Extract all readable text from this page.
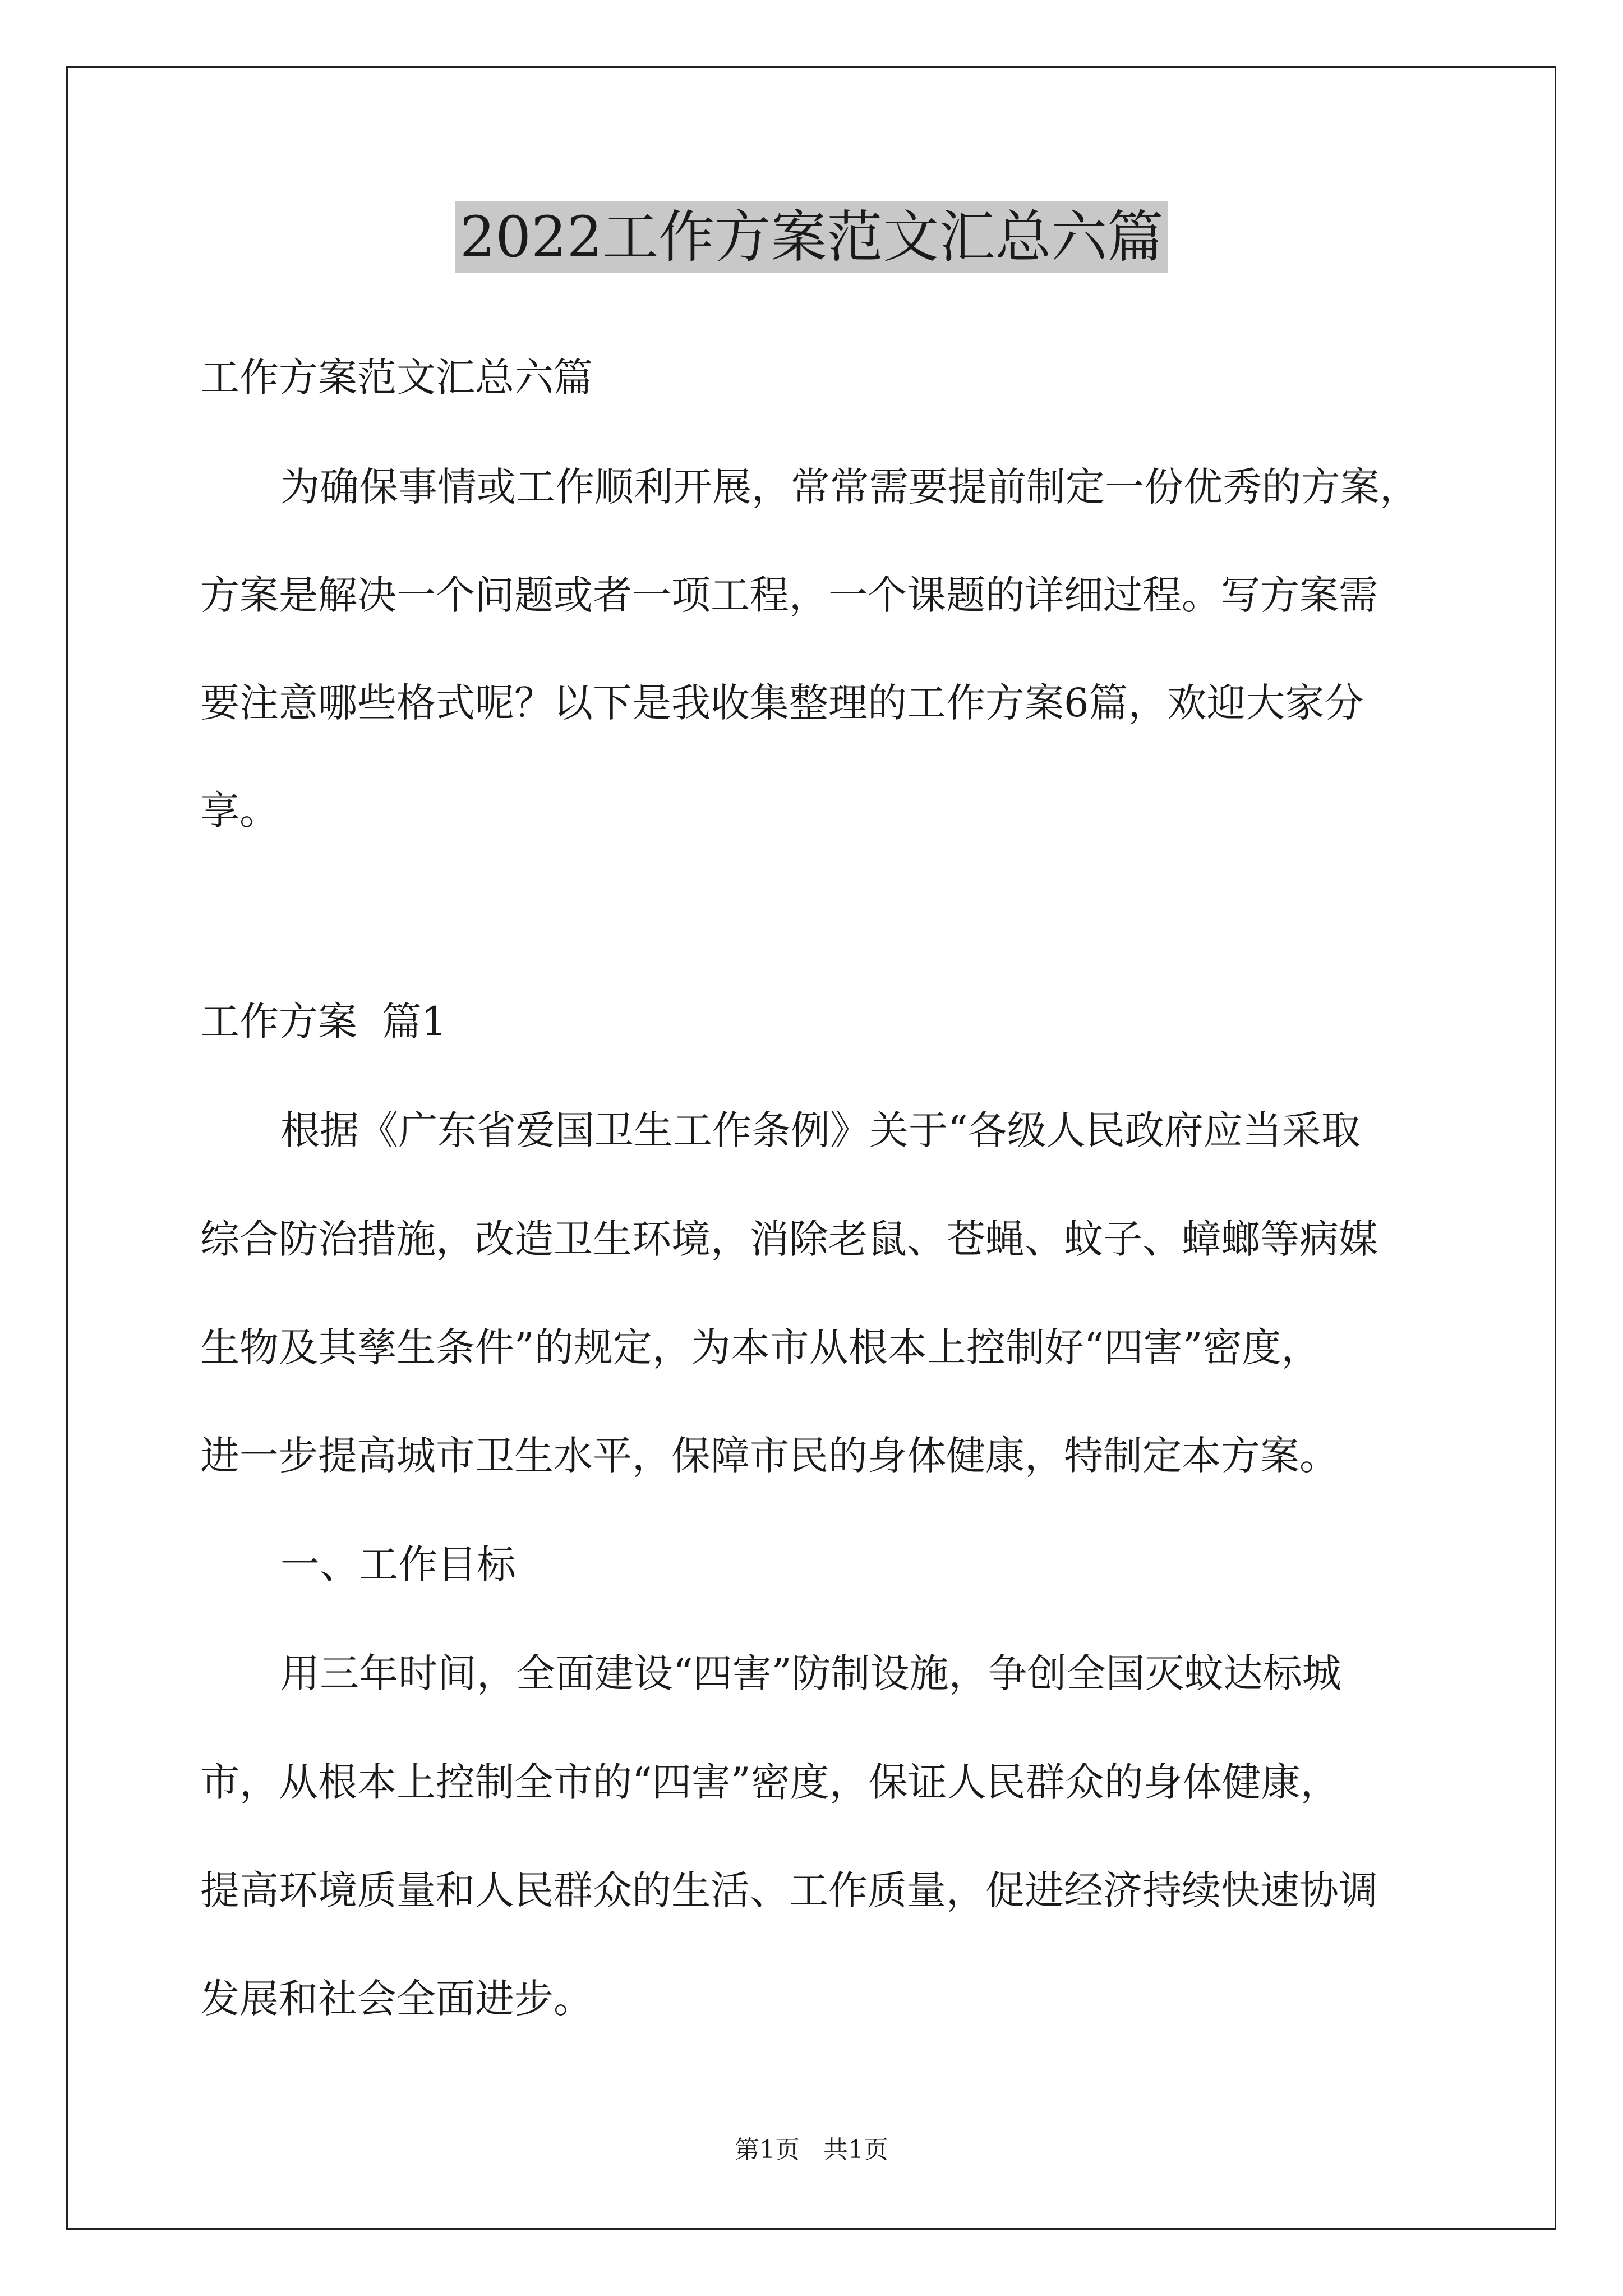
2022工作方案范文汇总六篇
工作方案范文汇总六篇
为确保事情或工作顺利开展，常常需要提前制定一份优秀的方案，
方案是解决一个问题或者一项工程，一个课题的详细过程。写方案需
要注意哪些格式呢？以下是我收集整理的工作方案6篇，欢迎大家分
享。
工作方案  篇1
根据《广东省爱国卫生工作条例》关于“各级人民政府应当采取
综合防治措施，改造卫生环境，消除老鼠、苍蝇、蚊子、蟑螂等病媒
生物及其孳生条件”的规定，为本市从根本上控制好“四害”密度，
进一步提高城市卫生水平，保障市民的身体健康，特制定本方案。
一、工作目标
用三年时间，全面建设“四害”防制设施，争创全国灭蚊达标城
市，从根本上控制全市的“四害”密度，保证人民群众的身体健康，
提高环境质量和人民群众的生活、工作质量，促进经济持续快速协调
发展和社会全面进步。
第1页   共1页
